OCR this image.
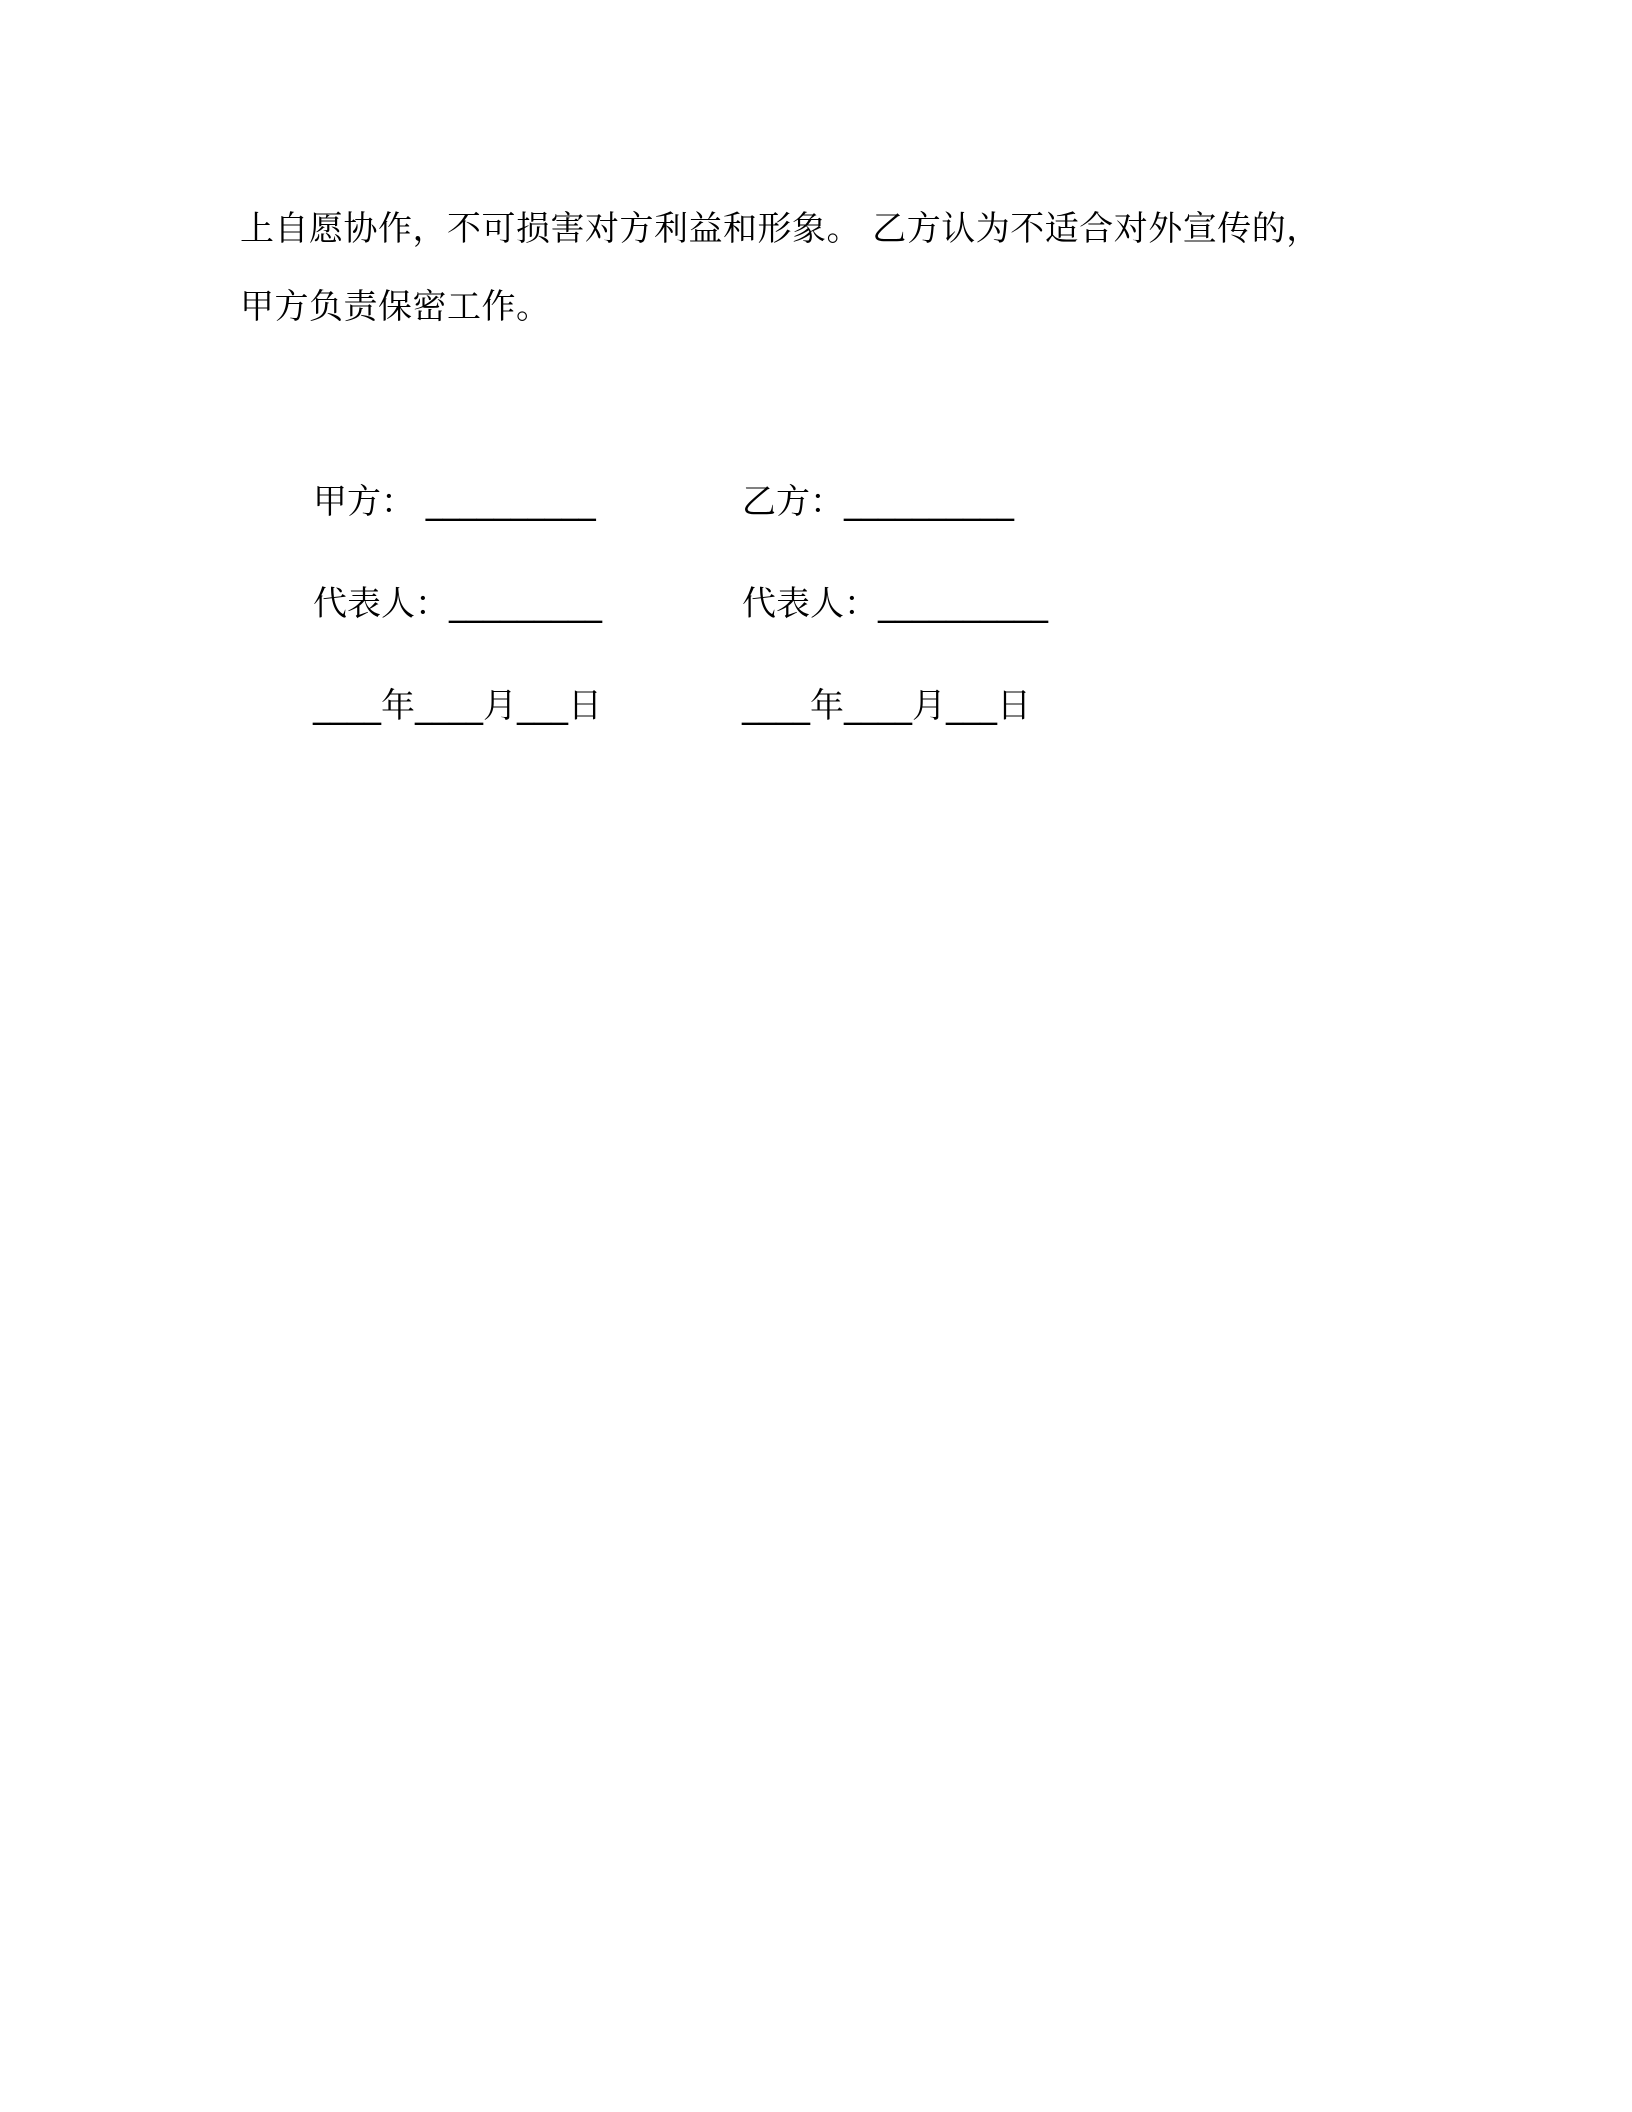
上自愿协作，不可损害对方利益和形象。 乙方认为不适合对外宣传的，
甲方负责保密工作。
甲方： __________	乙方：__________
代表人：_________	代表人：__________
____年____月___日	____年____月___日
